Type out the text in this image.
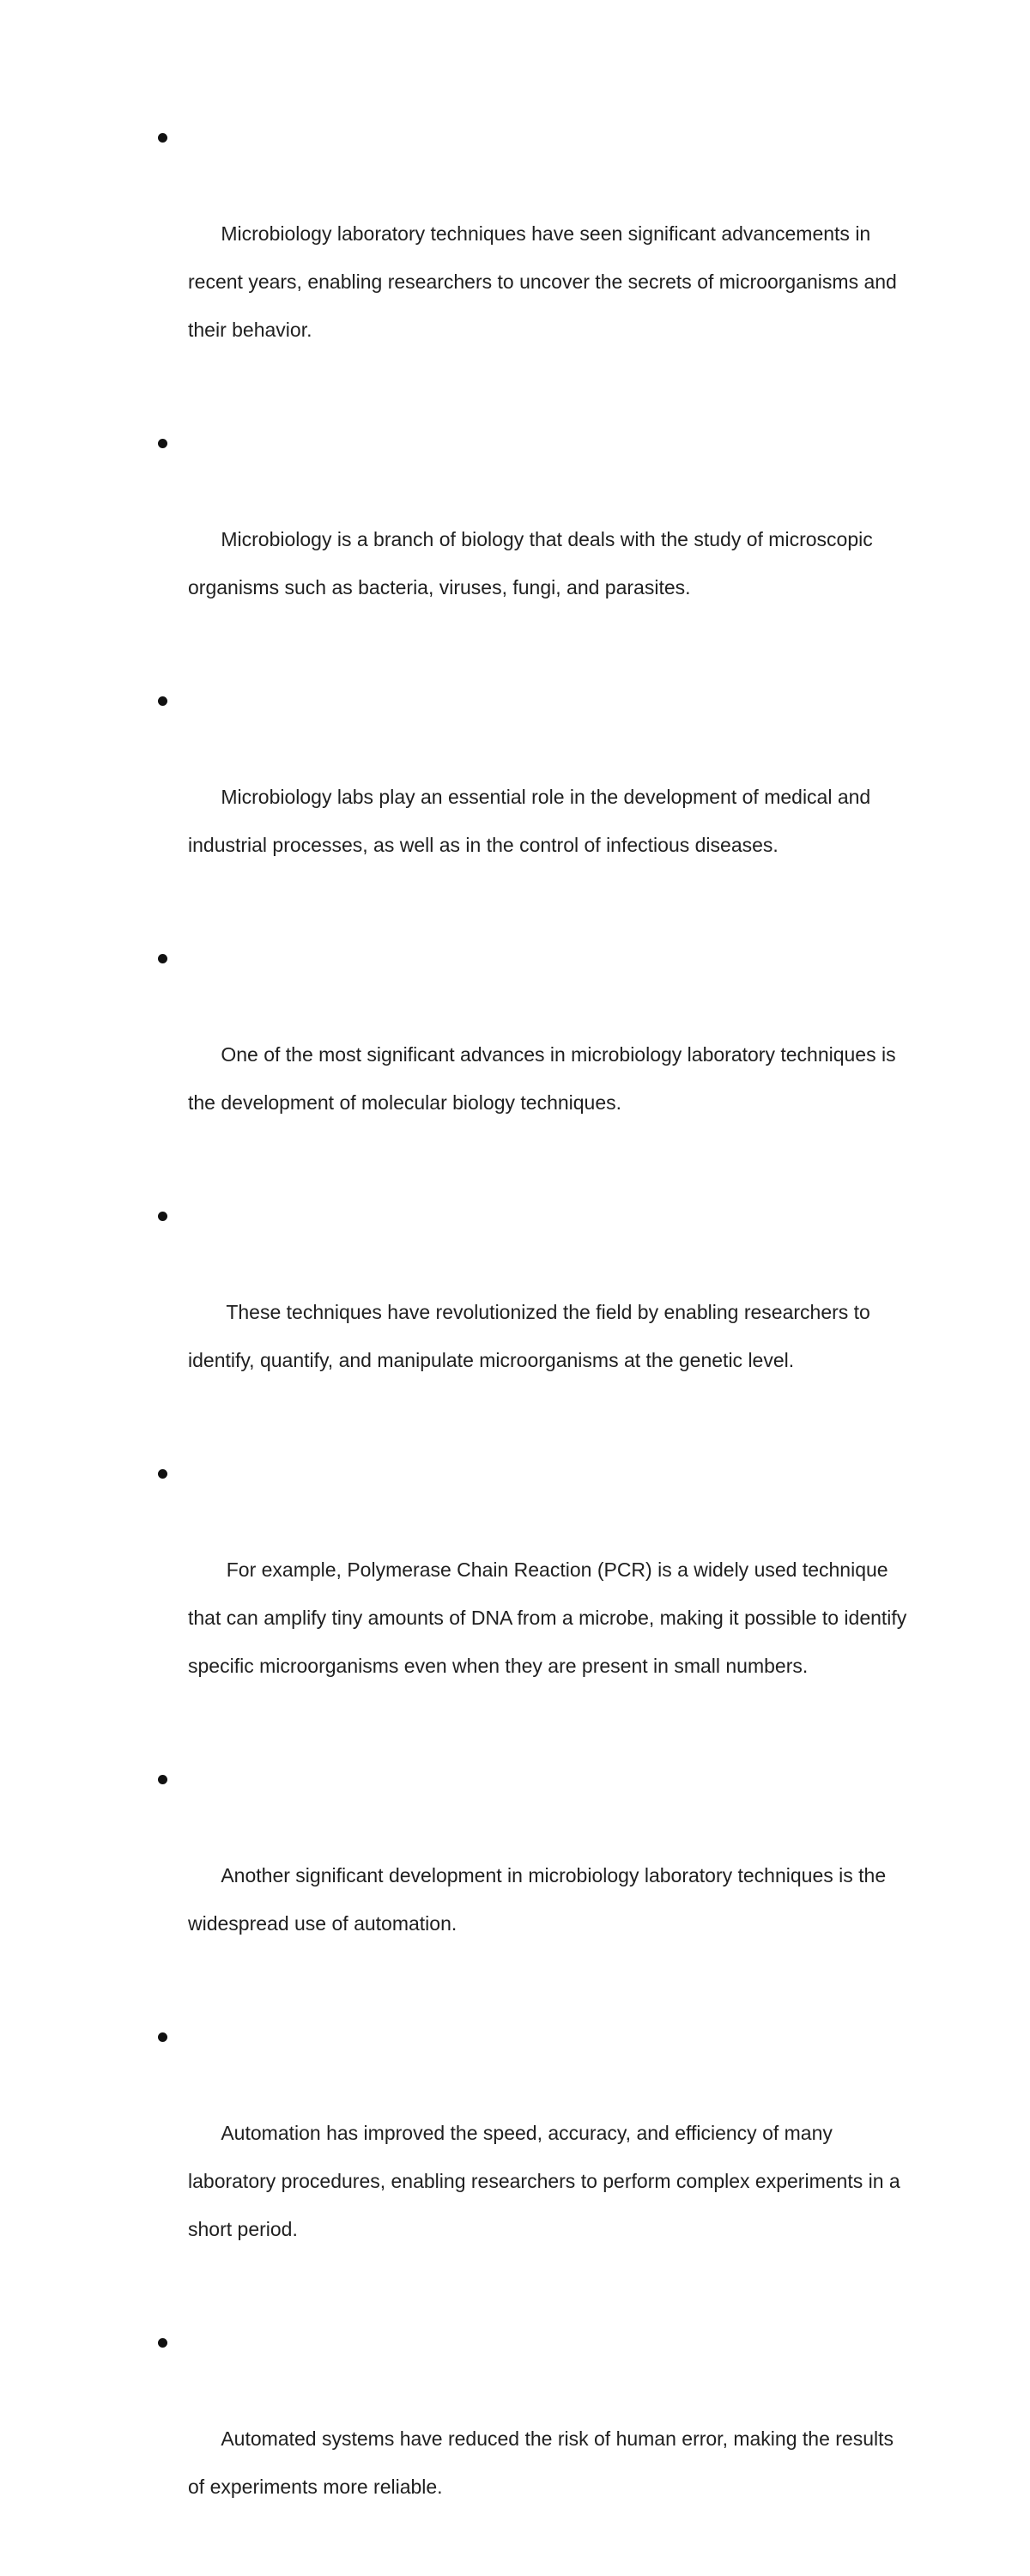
Microbiology laboratory techniques have seen significant advancements in recent years, enabling researchers to uncover the secrets of microorganisms and their behavior.

Microbiology is a branch of biology that deals with the study of microscopic organisms such as bacteria, viruses, fungi, and parasites.

Microbiology labs play an essential role in the development of medical and industrial processes, as well as in the control of infectious diseases.

One of the most significant advances in microbiology laboratory techniques is the development of molecular biology techniques.

These techniques have revolutionized the field by enabling researchers to identify, quantify, and manipulate microorganisms at the genetic level.

For example, Polymerase Chain Reaction (PCR) is a widely used technique that can amplify tiny amounts of DNA from a microbe, making it possible to identify specific microorganisms even when they are present in small numbers.

Another significant development in microbiology laboratory techniques is the widespread use of automation.

Automation has improved the speed, accuracy, and efficiency of many laboratory procedures, enabling researchers to perform complex experiments in a short period.

Automated systems have reduced the risk of human error, making the results of experiments more reliable.
